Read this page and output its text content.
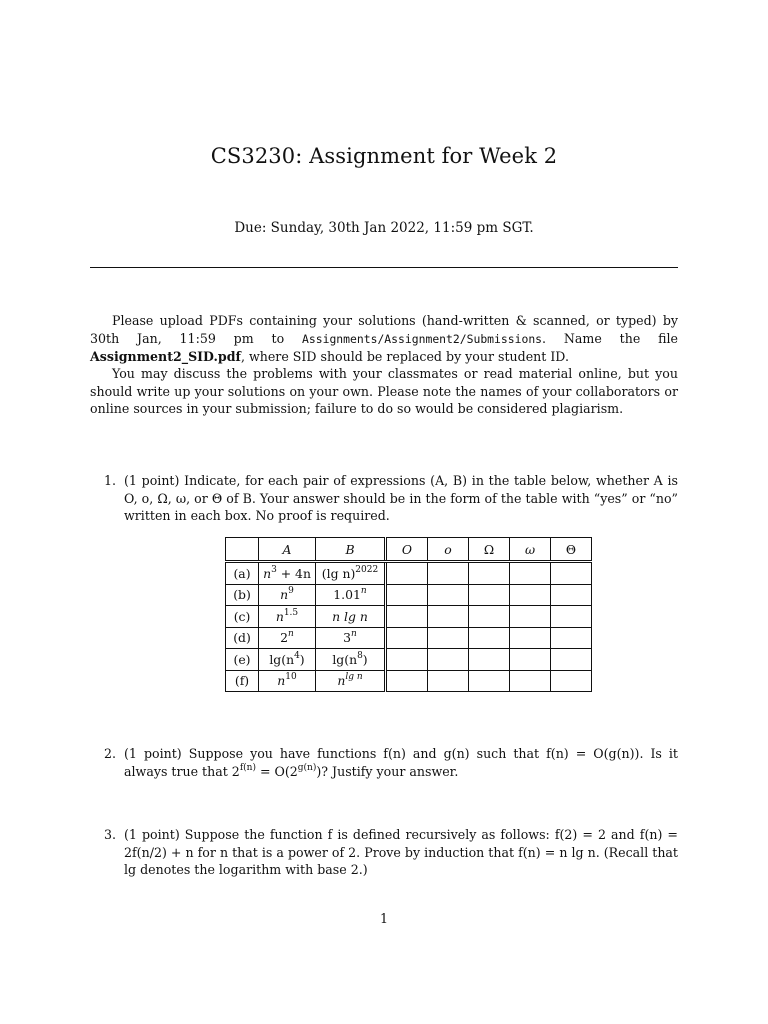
CS3230: Assignment for Week 2
Due: Sunday, 30th Jan 2022, 11:59 pm SGT.
Please upload PDFs containing your solutions (hand-written & scanned, or typed) by 30th Jan, 11:59 pm to Assignments/Assignment2/Submissions. Name the file Assignment2_SID.pdf, where SID should be replaced by your student ID.
You may discuss the problems with your classmates or read material online, but you should write up your solutions on your own. Please note the names of your collaborators or online sources in your submission; failure to do so would be considered plagiarism.
1. (1 point) Indicate, for each pair of expressions (A, B) in the table below, whether A is O, o, Ω, ω, or Θ of B. Your answer should be in the form of the table with “yes” or “no” written in each box. No proof is required.
	A	B	O	o	Ω	ω	Θ
(a)	$n^3 + 4n$	(lg n)$^{2022}$					
(b)	$n^9$	1.01$^n$					
(c)	$n^{1.5}$	n lg n					
(d)	2$^n$	3$^n$					
(e)	$\lg(n^4)$	$\lg(n^8)$					
(f)	$n^{10}$	$n^{lg n}$					
2. (1 point) Suppose you have functions f(n) and g(n) such that f(n) = O(g(n)). Is it always true that $2^{f(n)} = O(2^{g(n)})$? Justify your answer.
3. (1 point) Suppose the function f is defined recursively as follows: f(2) = 2 and f(n) = 2f(n/2) + n for n that is a power of 2. Prove by induction that f(n) = n lg n. (Recall that lg denotes the logarithm with base 2.)
1
